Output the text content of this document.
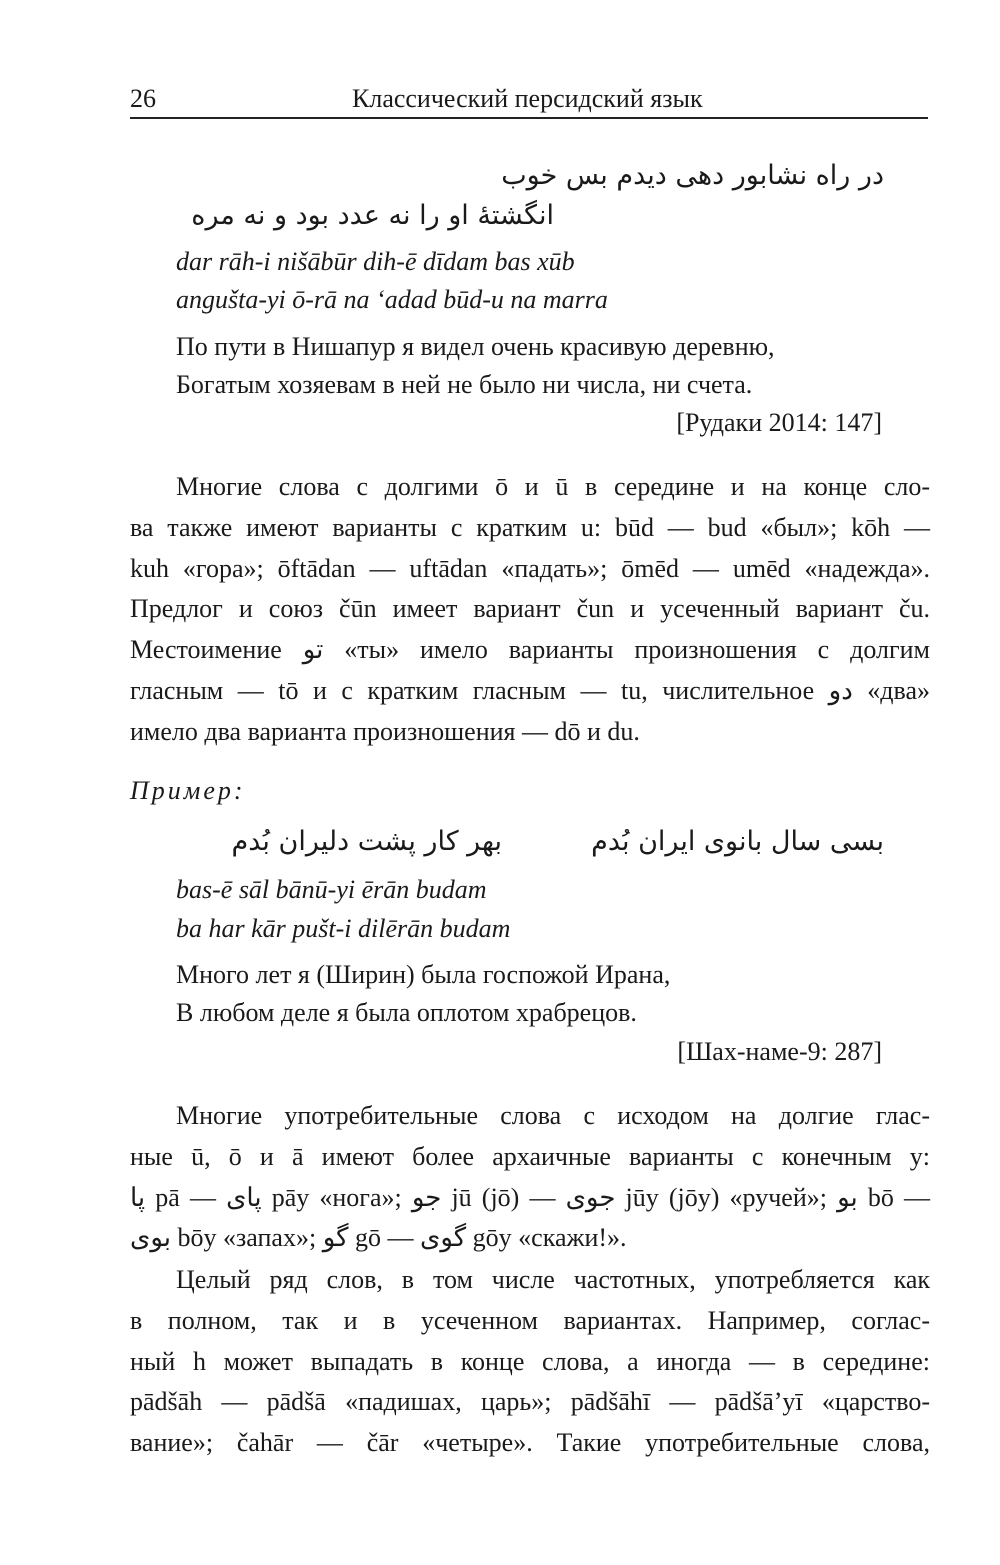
26	Классический персидский язык
در راه نشابور دهی دیدم بس خوب
انگشتهٔ او را نه عدد بود و نه مره
dar rāh-i nišābūr dih-ē dīdam bas xūb
angušta-yi ō-rā na ‘adad būd-u na marra
По пути в Нишапур я видел очень красивую деревню,
Богатым хозяевам в ней не было ни числа, ни счета.
[Рудаки 2014: 147]
Многие слова с долгими ō и ū в середине и на конце сло-
ва также имеют варианты с кратким u: būd — bud «был»; kōh —
kuh «гора»; ōftādan — uftādan «падать»; ōmēd — umēd «надежда».
Предлог и союз čūn имеет вариант čun и усеченный вариант ču.
Местоимение تو «ты» имело варианты произношения с долгим
гласным — tō и с кратким гласным — tu, числительное دو «два»
имело два варианта произношения — dō и du.
Пример:
بسی سال بانوی ایران بُدم
بهر کار پشت دلیران بُدم
bas-ē sāl bānū-yi ērān budam
ba har kār pušt-i dilērān budam
Много лет я (Ширин) была госпожой Ирана,
В любом деле я была оплотом храбрецов.
[Шах-наме-9: 287]
Многие употребительные слова с исходом на долгие глас-
ные ū, ō и ā имеют более архаичные варианты с конечным y:
پا pā — پای pāy «нога»; جو jū (jō) — جوی jūy (jōy) «ручей»; بو bō —
بوی bōy «запах»; گو gō — گوی gōy «скажи!».
Целый ряд слов, в том числе частотных, употребляется как
в полном, так и в усеченном вариантах. Например, соглас-
ный h может выпадать в конце слова, а иногда — в середине:
pādšāh — pādšā «падишах, царь»; pādšāhī — pādšā’yī «царство-
вание»; čahār — čār «четыре». Такие употребительные слова,
